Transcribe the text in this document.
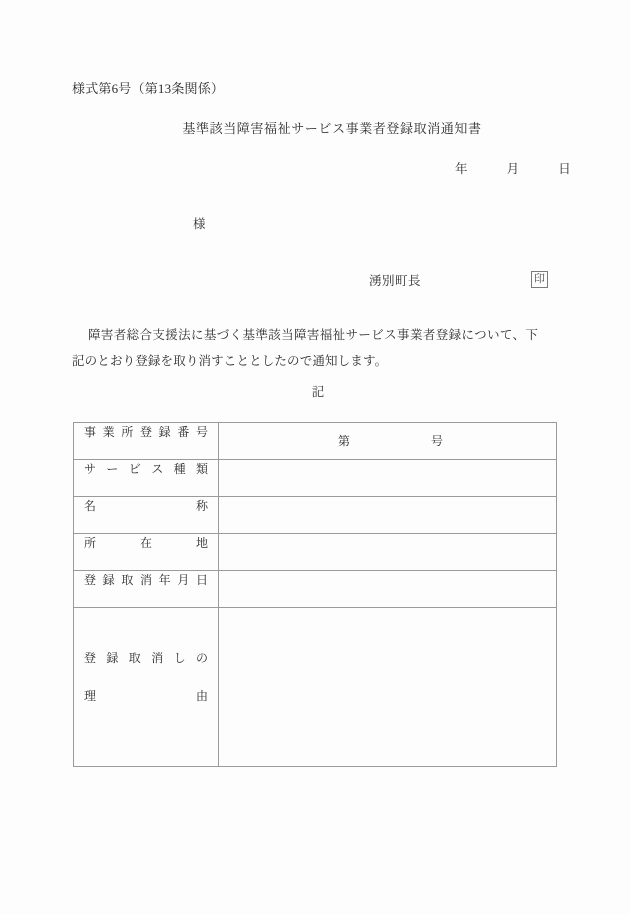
様式第6号（第13条関係）
基準該当障害福祉サービス事業者登録取消通知書
年　　　月　　　日
様
湧別町長	印
障害者総合支援法に基づく基準該当障害福祉サービス事業者登録について、下記のとおり登録を取り消すこととしたので通知します。
記
事業所登録番号	第 号

サービス種類	

名称	

所在地	

登録取消年月日	

登録取消しの
理由	
